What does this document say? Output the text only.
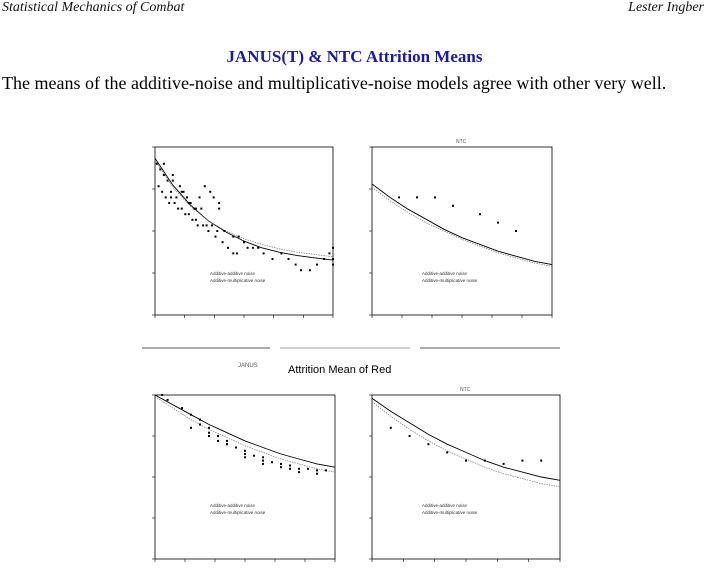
Statistical Mechanics of Combat	Lester Ingber
JANUS(T) & NTC Attrition Means
The means of the additive-noise and multiplicative-noise models agree with other very well.
JANUS	Attrition Mean of Red
Additive-additive noise
Additive-multiplicative noise
NTC
Additive-additive noise
Additive-multiplicative noise
Additive-additive noise
Additive-multiplicative noise
NTC
Additive-additive noise
Additive-multiplicative noise
